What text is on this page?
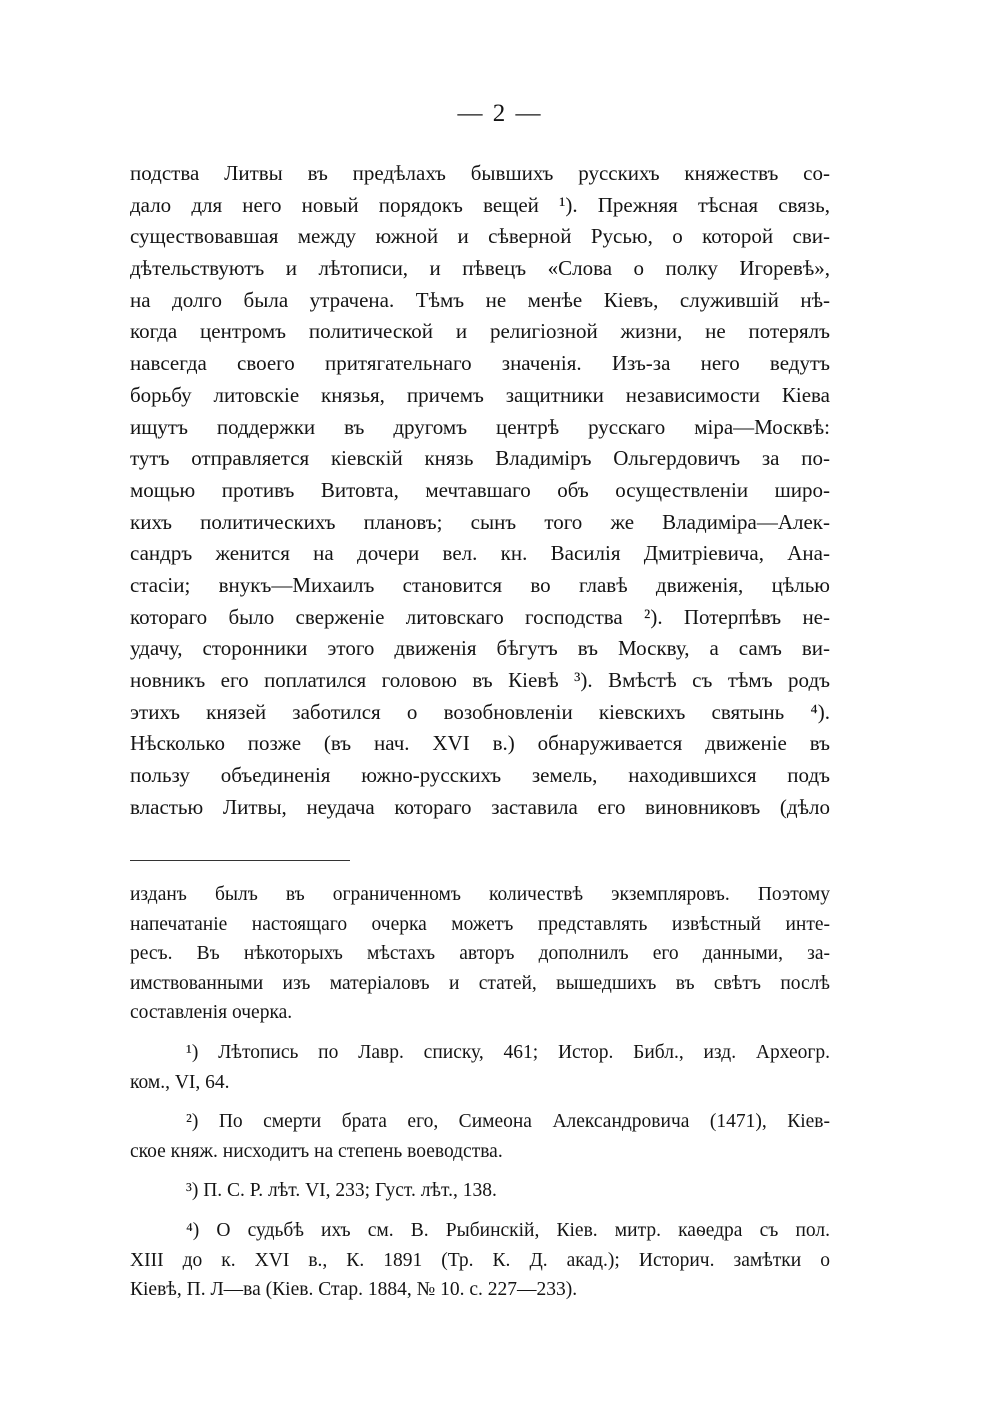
— 2 —
подства Литвы въ предѣлахъ бывшихъ русскихъ княжествъ со-
дало для него новый порядокъ вещей ¹). Прежняя тѣсная связь,
существовавшая между южной и сѣверной Русью, о которой сви-
дѣтельствуютъ и лѣтописи, и пѣвецъ «Слова о полку Игоревѣ»,
на долго была утрачена. Тѣмъ не менѣе Кіевъ, служившій нѣ-
когда центромъ политической и религіозной жизни, не потерялъ
навсегда своего притягательнаго значенія. Изъ-за него ведутъ
борьбу литовскіе князья, причемъ защитники независимости Кіева
ищутъ поддержки въ другомъ центрѣ русскаго міра—Москвѣ:
тутъ отправляется кіевскій князь Владиміръ Ольгердовичъ за по-
мощью противъ Витовта, мечтавшаго объ осуществленіи широ-
кихъ политическихъ плановъ; сынъ того же Владиміра—Алек-
сандръ женится на дочери вел. кн. Василія Дмитріевича, Ана-
стасіи; внукъ—Михаилъ становится во главѣ движенія, цѣлью
котораго было сверженіе литовскаго господства ²). Потерпѣвъ не-
удачу, сторонники этого движенія бѣгутъ въ Москву, а самъ ви-
новникъ его поплатился головою въ Кіевѣ ³). Вмѣстѣ съ тѣмъ родъ
этихъ князей заботился о возобновленіи кіевскихъ святынь ⁴).
Нѣсколько позже (въ нач. XVI в.) обнаруживается движеніе въ
пользу объединенія южно-русскихъ земель, находившихся подъ
властью Литвы, неудача котораго заставила его виновниковъ (дѣло
изданъ былъ въ ограниченномъ количествѣ экземпляровъ. Поэтому
напечатаніе настоящаго очерка можетъ представлять извѣстный инте-
ресъ. Въ нѣкоторыхъ мѣстахъ авторъ дополнилъ его данными, за-
имствованными изъ матеріаловъ и статей, вышедшихъ въ свѣтъ послѣ
составленія очерка.
¹) Лѣтопись по Лавр. списку, 461; Истор. Библ., изд. Археогр.
ком., VI, 64.
²) По смерти брата его, Симеона Александровича (1471), Кіев-
ское княж. нисходитъ на степень воеводства.
³) П. С. Р. лѣт. VI, 233; Густ. лѣт., 138.
⁴) О судьбѣ ихъ см. В. Рыбинскій, Кіев. митр. каѳедра съ пол.
XIII до к. XVI в., К. 1891 (Тр. К. Д. акад.); Историч. замѣтки о
Кіевѣ, П. Л—ва (Кіев. Стар. 1884, № 10. с. 227—233).
